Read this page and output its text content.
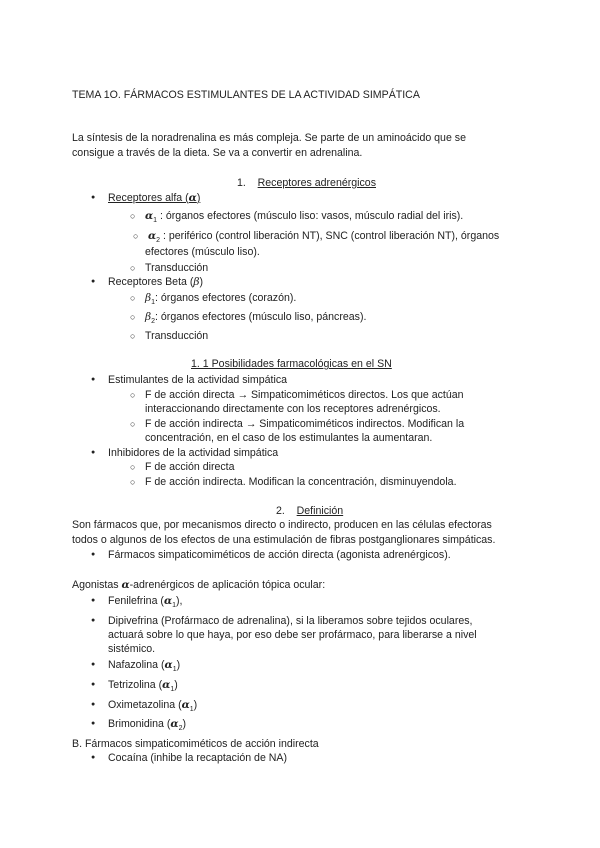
TEMA 1O. FÁRMACOS ESTIMULANTES DE LA ACTIVIDAD SIMPÁTICA
La síntesis de la noradrenalina es más compleja. Se parte de un aminoácido que se
consigue a través de la dieta. Se va a convertir en adrenalina.
1. Receptores adrenérgicos
● Receptores alfa (α)
○ $\alpha_1$ : órganos efectores (músculo liso: vasos, músculo radial del iris).
○ $\alpha_2$ : periférico (control liberación NT), SNC (control liberación NT), órganos
efectores (músculo liso).
○ Transducción
● Receptores Beta (β)
○ $\beta_1$: órganos efectores (corazón).
○ $\beta_2$: órganos efectores (músculo liso, páncreas).
○ Transducción
1. 1 Posibilidades farmacológicas en el SN
● Estimulantes de la actividad simpática
○ F de acción directa → Simpaticomiméticos directos. Los que actúan
interaccionando directamente con los receptores adrenérgicos.
○ F de acción indirecta → Simpaticomiméticos indirectos. Modifican la
concentración, en el caso de los estimulantes la aumentaran.
● Inhibidores de la actividad simpática
○ F de acción directa
○ F de acción indirecta. Modifican la concentración, disminuyendola.
2. Definición
Son fármacos que, por mecanismos directo o indirecto, producen en las células efectoras
todos o algunos de los efectos de una estimulación de fibras postganglionares simpáticas.
● Fármacos simpaticomiméticos de acción directa (agonista adrenérgicos).
Agonistas α-adrenérgicos de aplicación tópica ocular:
● Fenilefrina $(\alpha_1)$,
● Dipivefrina (Profármaco de adrenalina), si la liberamos sobre tejidos oculares,
actuará sobre lo que haya, por eso debe ser profármaco, para liberarse a nivel
sistémico.
● Nafazolina $(\alpha_1)$
● Tetrizolina $(\alpha_1)$
● Oximetazolina $(\alpha_1)$
● Brimonidina $(\alpha_2)$
B. Fármacos simpaticomiméticos de acción indirecta
● Cocaína (inhibe la recaptación de NA)
